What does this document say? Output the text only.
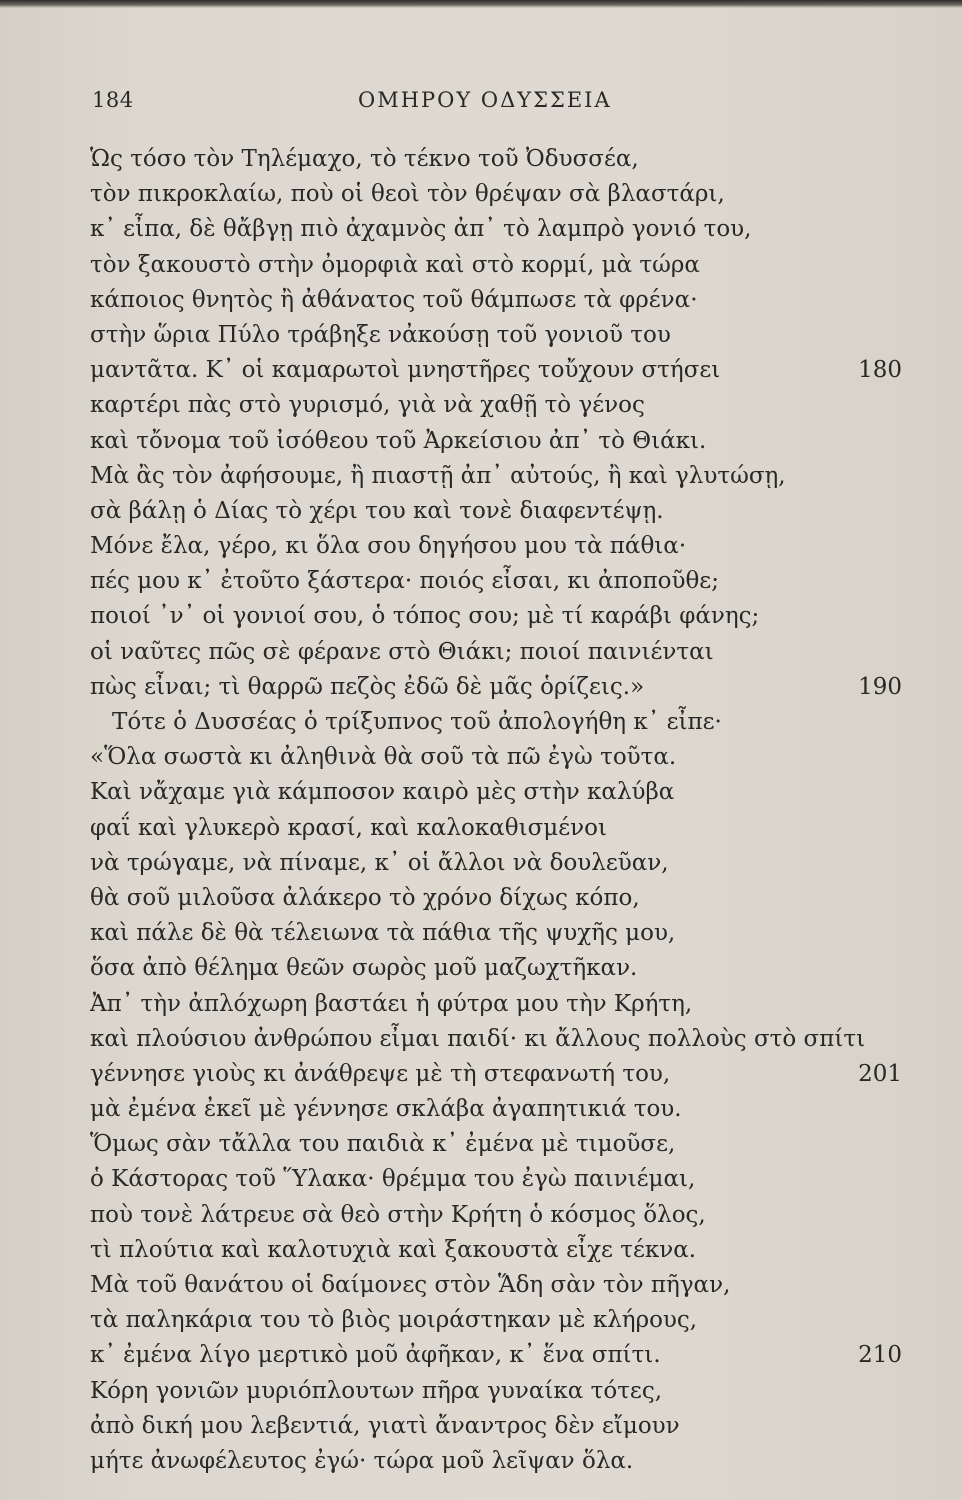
184	ΟΜΗΡΟΥ ΟΔΥΣΣΕΙΑ
Ὡς τόσο τὸν Τηλέμαχο, τὸ τέκνο τοῦ Ὀδυσσέα,
τὸν πικροκλαίω, ποὺ οἱ θεοὶ τὸν θρέψαν σὰ βλαστάρι,
κ᾿ εἶπα, δὲ θἄβγῃ πιὸ ἀχαμνὸς ἀπ᾿ τὸ λαμπρὸ γονιό του,
τὸν ξακουστὸ στὴν ὀμορφιὰ καὶ στὸ κορμί, μὰ τώρα
κάποιος θνητὸς ἢ ἀθάνατος τοῦ θάμπωσε τὰ φρένα·
στὴν ὥρια Πύλο τράβηξε νἀκούσῃ τοῦ γονιοῦ του
μαντᾶτα. Κ᾿ οἱ καμαρωτοὶ μνηστῆρες τοὔχουν στήσει	180
καρτέρι πὰς στὸ γυρισμό, γιὰ νὰ χαθῇ τὸ γένος
καὶ τὄνομα τοῦ ἰσόθεου τοῦ Ἀρκείσιου ἀπ᾿ τὸ Θιάκι.
Μὰ ἂς τὸν ἀφήσουμε, ἢ πιαστῇ ἀπ᾿ αὐτούς, ἢ καὶ γλυτώσῃ,
σὰ βάλῃ ὁ Δίας τὸ χέρι του καὶ τονὲ διαφεντέψῃ.
Μόνε ἔλα, γέρο, κι ὅλα σου δηγήσου μου τὰ πάθια·
πές μου κ᾿ ἐτοῦτο ξάστερα· ποιός εἶσαι, κι ἀποποῦθε;
ποιοί ᾿ν᾿ οἱ γονιοί σου, ὁ τόπος σου; μὲ τί καράβι φάνης;
οἱ ναῦτες πῶς σὲ φέρανε στὸ Θιάκι; ποιοί παινιένται
πὼς εἶναι; τὶ θαρρῶ πεζὸς ἐδῶ δὲ μᾶς ὁρίζεις.»	190
Τότε ὁ Δυσσέας ὁ τρίξυπνος τοῦ ἀπολογήθη κ᾿ εἶπε·
«Ὅλα σωστὰ κι ἀληθινὰ θὰ σοῦ τὰ πῶ ἐγὼ τοῦτα.
Καὶ νἄχαμε γιὰ κάμποσον καιρὸ μὲς στὴν καλύβα
φαΐ καὶ γλυκερὸ κρασί, καὶ καλοκαθισμένοι
νὰ τρώγαμε, νὰ πίναμε, κ᾿ οἱ ἄλλοι νὰ δουλεῦαν,
θὰ σοῦ μιλοῦσα ἀλάκερο τὸ χρόνο δίχως κόπο,
καὶ πάλε δὲ θὰ τέλειωνα τὰ πάθια τῆς ψυχῆς μου,
ὅσα ἀπὸ θέλημα θεῶν σωρὸς μοῦ μαζωχτῆκαν.
Ἀπ᾿ τὴν ἀπλόχωρη βαστάει ἡ φύτρα μου τὴν Κρήτη,
καὶ πλούσιου ἀνθρώπου εἶμαι παιδί· κι ἄλλους πολλοὺς στὸ σπίτι
γέννησε γιοὺς κι ἀνάθρεψε μὲ τὴ στεφανωτή του,	201
μὰ ἐμένα ἐκεῖ μὲ γέννησε σκλάβα ἀγαπητικιά του.
Ὅμως σὰν τἄλλα του παιδιὰ κ᾿ ἐμένα μὲ τιμοῦσε,
ὁ Κάστορας τοῦ Ὕλακα· θρέμμα του ἐγὼ παινιέμαι,
ποὺ τονὲ λάτρευε σὰ θεὸ στὴν Κρήτη ὁ κόσμος ὅλος,
τὶ πλούτια καὶ καλοτυχιὰ καὶ ξακουστὰ εἶχε τέκνα.
Μὰ τοῦ θανάτου οἱ δαίμονες στὸν Ἅδη σὰν τὸν πῆγαν,
τὰ παληκάρια του τὸ βιὸς μοιράστηκαν μὲ κλήρους,
κ᾿ ἐμένα λίγο μερτικὸ μοῦ ἀφῆκαν, κ᾿ ἕνα σπίτι.	210
Κόρη γονιῶν μυριόπλουτων πῆρα γυναίκα τότες,
ἀπὸ δική μου λεβεντιά, γιατὶ ἄναντρος δὲν εἴμουν
μήτε ἀνωφέλευτος ἐγώ· τώρα μοῦ λεῖψαν ὅλα.
